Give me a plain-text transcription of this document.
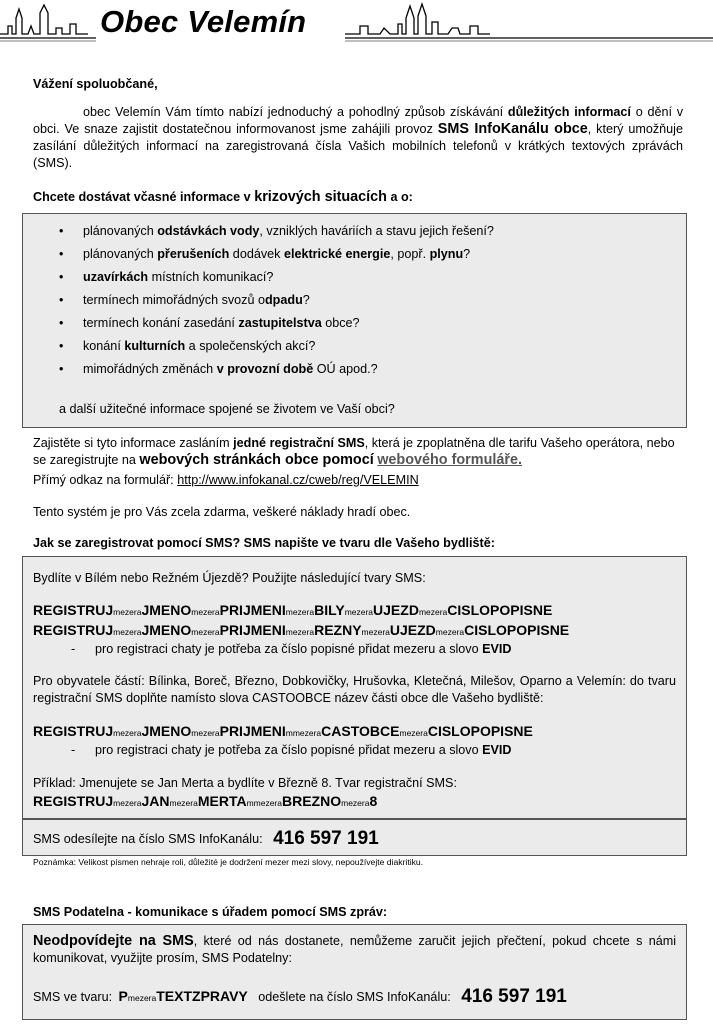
Obec Velemín
Vážení spoluobčané,
obec Velemín Vám tímto nabízí jednoduchý a pohodlný způsob získávání důležitých informací o dění v obci. Ve snaze zajistit dostatečnou informovanost jsme zahájili provoz SMS InfoKanálu obce, který umožňuje zasílání důležitých informací na zaregistrovaná čísla Vašich mobilních telefonů v krátkých textových zprávách (SMS).
Chcete dostávat včasné informace v krizových situacích a o:
• plánovaných odstávkách vody, vzniklých haváriích a stavu jejich řešení?
• plánovaných přerušeních dodávek elektrické energie, popř. plynu?
• uzavírkách místních komunikací?
• termínech mimořádných svozů odpadu?
• termínech konání zasedání zastupitelstva obce?
• konání kulturních a společenských akcí?
• mimořádných změnách v provozní době OÚ apod.?
a další užitečné informace spojené se životem ve Vaší obci?
Zajistěte si tyto informace zasláním jedné registrační SMS, která je zpoplatněna dle tarifu Vašeho operátora, nebo se zaregistrujte na webových stránkách obce pomocí webového formuláře.
Přímý odkaz na formulář: http://www.infokanal.cz/cweb/reg/VELEMIN
Tento systém je pro Vás zcela zdarma, veškeré náklady hradí obec.
Jak se zaregistrovat pomocí SMS? SMS napište ve tvaru dle Vašeho bydliště:
Bydlíte v Bílém nebo Režném Újezdě? Použijte následující tvary SMS:
REGISTRUJmezeraJMENOmezeraPRIJMENImezeraBILYmezeraUJEZDmezeraCISLOPOPISNE
REGISTRUJmezeraJMENOmezeraPRIJMENImezeraREZNYmezeraUJEZDmezeraCISLOPOPISNE
- pro registraci chaty je potřeba za číslo popisné přidat mezeru a slovo EVID
Pro obyvatele částí: Bílinka, Boreč, Březno, Dobkovičky, Hrušovka, Kletečná, Milešov, Oparno a Velemín: do tvaru registrační SMS doplňte namísto slova CASTOOBCE název části obce dle Vašeho bydliště:
REGISTRUJmezeraJMENOmezeraPRIJMENImmezeraCASTOBCEmezeraCISLOPOPISNE
- pro registraci chaty je potřeba za číslo popisné přidat mezeru a slovo EVID
Příklad: Jmenujete se Jan Merta a bydlíte v Březně 8. Tvar registrační SMS:
REGISTRUJmezeraJANmezeraMERTAmmezeraBREZNOmezera8
SMS odesílejte na číslo SMS InfoKanálu: 416 597 191
Poznámka: Velikost písmen nehraje roli, důležité je dodržení mezer mezi slovy, nepoužívejte diakritiku.
SMS Podatelna - komunikace s úřadem pomocí SMS zpráv:
Neodpovídejte na SMS, které od nás dostanete, nemůžeme zaručit jejich přečtení, pokud chcete s námi komunikovat, využijte prosím, SMS Podatelny:
SMS ve tvaru: PmezeraTEXTZPRAVY odešlete na číslo SMS InfoKanálu: 416 597 191
